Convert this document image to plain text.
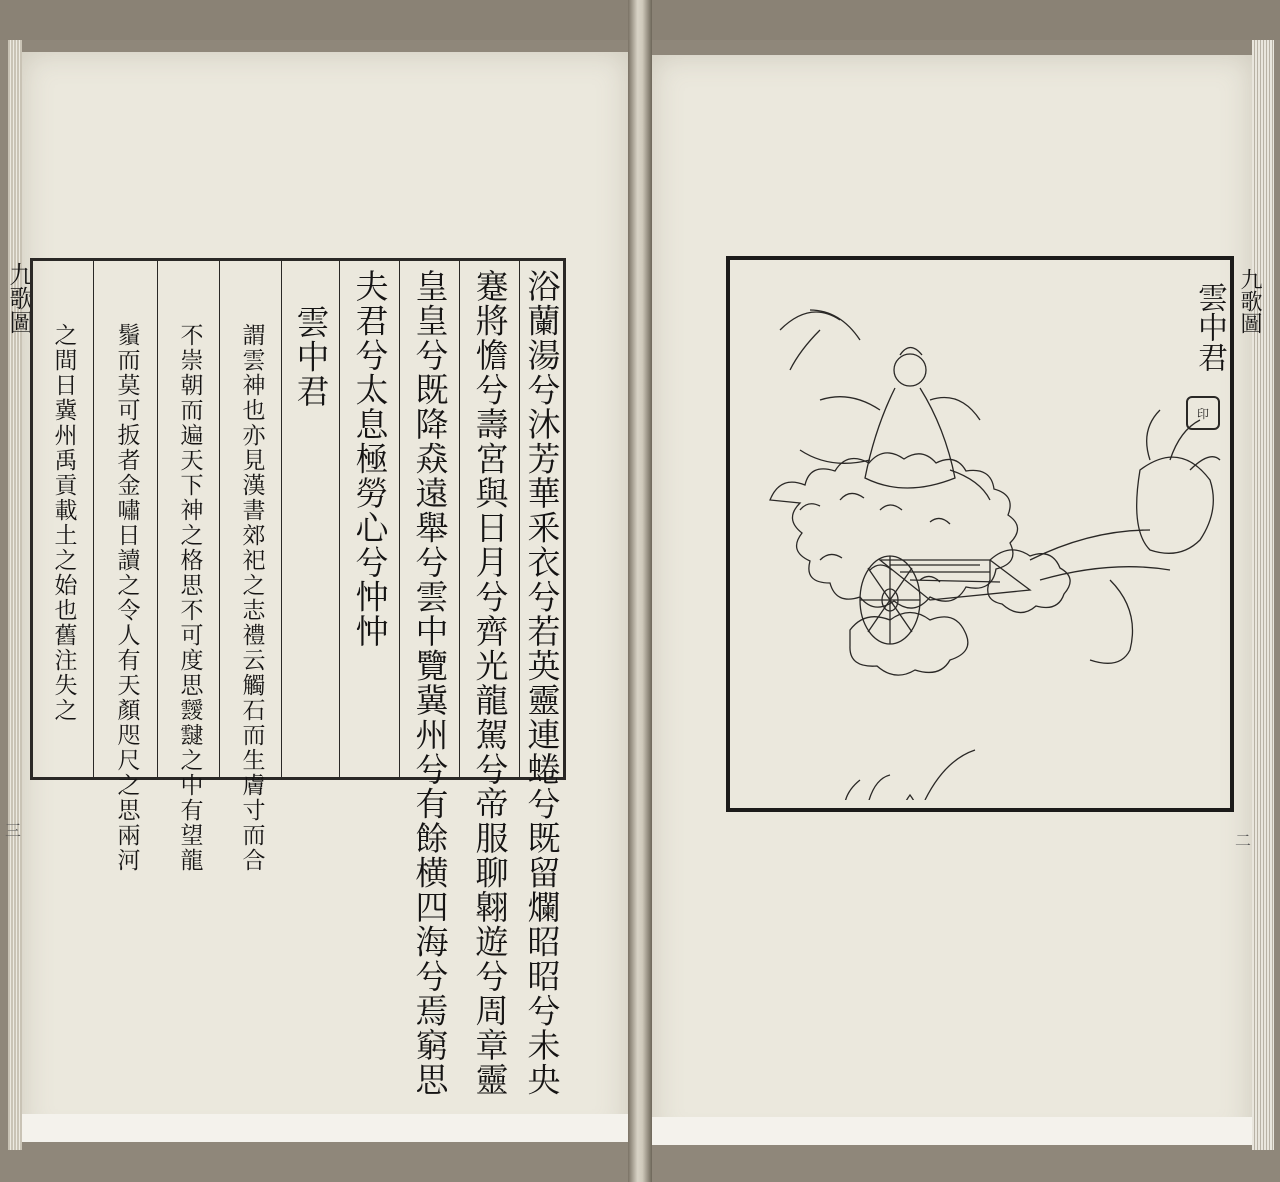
九歌圖
三	浴蘭湯兮沐芳華釆衣兮若英靈連蜷兮既留爛昭昭兮未央
蹇將憺兮壽宮與日月兮齊光龍駕兮帝服聊翺遊兮周章靈
皇皇兮既降猋遠舉兮雲中覽冀州兮有餘横四海兮焉窮思
夫君兮太息極勞心兮忡忡
雲中君
謂雲神也亦見漢書郊祀之志禮云觸石而生膚寸而合
不崇朝而遍天下神之格思不可度思靉靆之中有望龍
鬚而莫可扳者金嘯日讀之令人有天顏咫尺之思兩河
之間日冀州禹貢載土之始也舊注失之
九歌圖
二
雲中君
印
